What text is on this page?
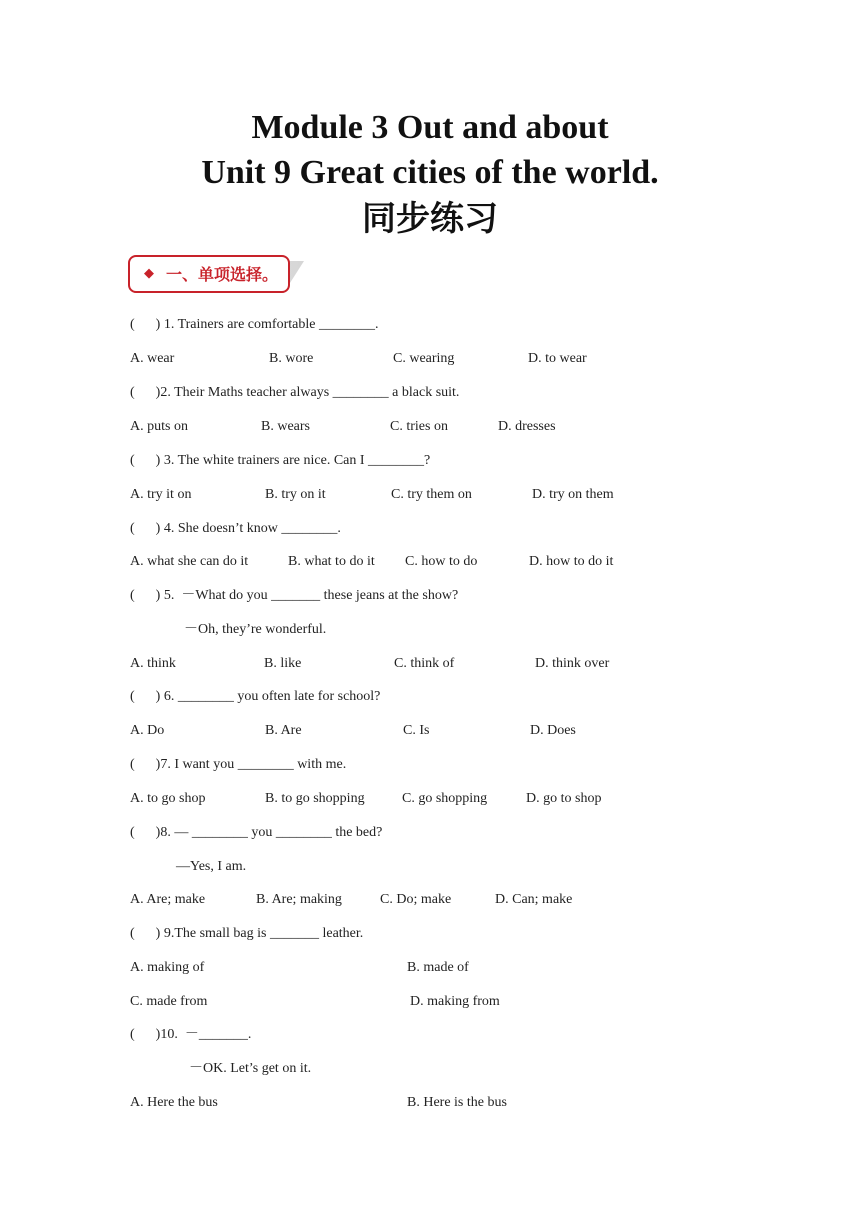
Module 3 Out and about
Unit 9 Great cities of the world.
同步练习
◆ 一、单项选择。
(      ) 1. Trainers are comfortable ________.
A. wear	B. wore	C. wearing	D. to wear
(      )2. Their Maths teacher always ________ a black suit.
A. puts on	B. wears	C. tries on	D. dresses
(      ) 3. The white trainers are nice. Can I ________?
A. try it on	B. try on it	C. try them on	D. try on them
(      ) 4. She doesn’t know ________.
A. what she can do it	B. what to do it C. how to do	D. how to do it
(      ) 5.  －What do you _______ these jeans at the show?
－Oh, they’re wonderful.
A. think	B. like	C. think of	D. think over
(      ) 6. ________ you often late for school?
A. Do	B. Are	C. Is	D. Does
(      )7. I want you ________ with me.
A. to go shop	B. to go shopping	C. go shopping	D. go to shop
(      )8. — ________ you ________ the bed?
—Yes, I am.
A. Are; make	B. Are; making	C. Do; make	D. Can; make
(      ) 9.The small bag is _______ leather.
A. making of	B. made of
C. made from	D. making from
(      )10.  －_______.
－OK. Let’s get on it.
A. Here the bus	B. Here is the bus
